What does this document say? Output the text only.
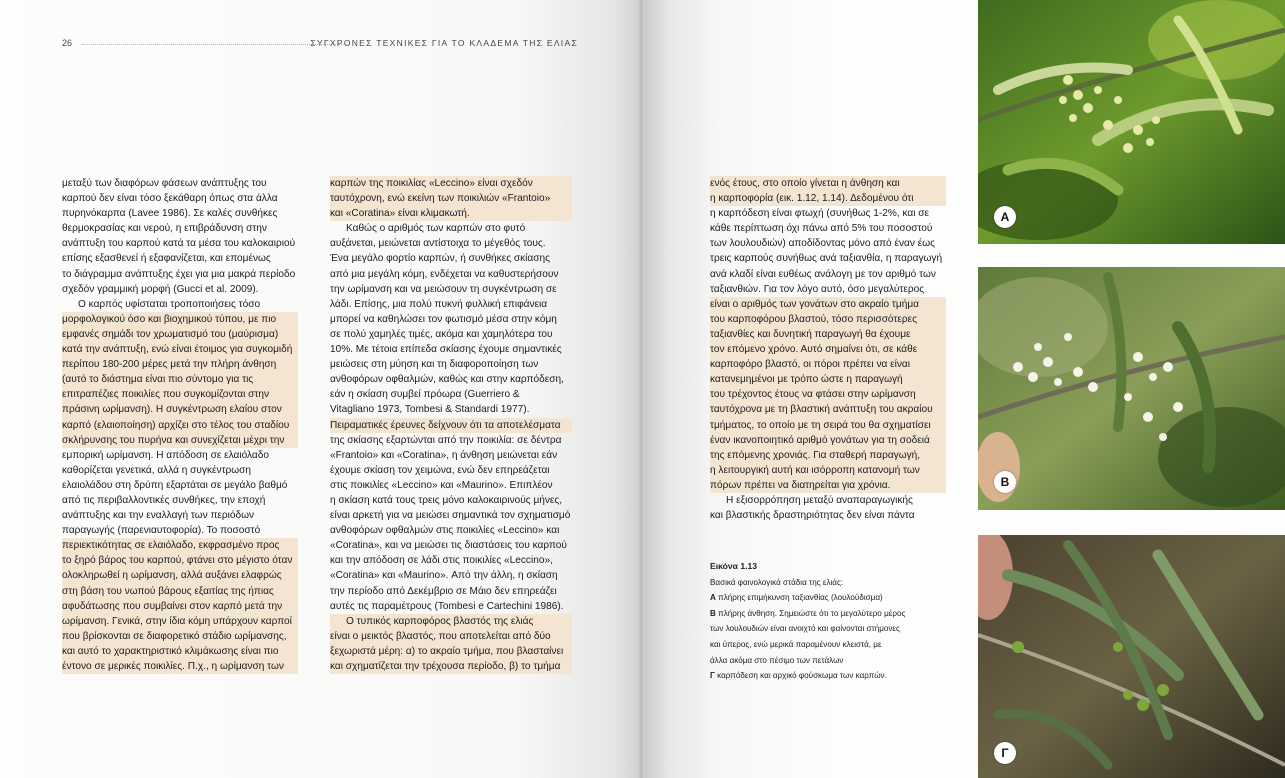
26	ΣΥΓΧΡΟΝΕΣ ΤΕΧΝΙΚΕΣ ΓΙΑ ΤΟ ΚΛΑΔΕΜΑ ΤΗΣ ΕΛΙΑΣ
μεταξύ των διαφόρων φάσεων ανάπτυξης του
καρπού δεν είναι τόσο ξεκάθαρη όπως στα άλλα
πυρηνόκαρπα (Lavee 1986). Σε καλές συνθήκες
θερμοκρασίας και νερού, η επιβράδυνση στην
ανάπτυξη του καρπού κατά τα μέσα του καλοκαιριού
επίσης εξασθενεί ή εξαφανίζεται, και επομένως
το διάγραμμα ανάπτυξης έχει για μια μακρά περίοδο
σχεδόν γραμμική μορφή (Gucci et al. 2009).
Ο καρπός υφίσταται τροποποιήσεις τόσο
μορφολογικού όσο και βιοχημικού τύπου, με πιο
εμφανές σημάδι τον χρωματισμό του (μαύρισμα)
κατά την ανάπτυξη, ενώ είναι έτοιμος για συγκομιδή
περίπου 180-200 μέρες μετά την πλήρη άνθηση
(αυτό το διάστημα είναι πιο σύντομο για τις
επιτραπέζιες ποικιλίες που συγκομίζονται στην
πράσινη ωρίμανση). Η συγκέντρωση ελαίου στον
καρπό (ελαιοποίηση) αρχίζει στο τέλος του σταδίου
σκλήρυνσης του πυρήνα και συνεχίζεται μέχρι την
εμπορική ωρίμανση. Η απόδοση σε ελαιόλαδο
καθορίζεται γενετικά, αλλά η συγκέντρωση
ελαιολάδου στη δρύπη εξαρτάται σε μεγάλο βαθμό
από τις περιβαλλοντικές συνθήκες, την εποχή
ανάπτυξης και την εναλλαγή των περιόδων
παραγωγής (παρενιαυτοφορία). Το ποσοστό
περιεκτικότητας σε ελαιόλαδο, εκφρασμένο προς
το ξηρό βάρος του καρπού, φτάνει στο μέγιστο όταν
ολοκληρωθεί η ωρίμανση, αλλά αυξάνει ελαφρώς
στη βάση του νωπού βάρους εξαιτίας της ήπιας
αφυδάτωσης που συμβαίνει στον καρπό μετά την
ωρίμανση. Γενικά, στην ίδια κόμη υπάρχουν καρποί
που βρίσκονται σε διαφορετικό στάδιο ωρίμανσης,
και αυτό το χαρακτηριστικό κλιμάκωσης είναι πιο
έντονο σε μερικές ποικιλίες. Π.χ., η ωρίμανση των
καρπών της ποικιλίας «Leccino» είναι σχεδόν
ταυτόχρονη, ενώ εκείνη των ποικιλιών «Frantoio»
και «Coratina» είναι κλιμακωτή.
Καθώς ο αριθμός των καρπών στο φυτό
αυξάνεται, μειώνεται αντίστοιχα το μέγεθός τους.
Ένα μεγάλο φορτίο καρπών, ή συνθήκες σκίασης
από μια μεγάλη κόμη, ενδέχεται να καθυστερήσουν
την ωρίμανση και να μειώσουν τη συγκέντρωση σε
λάδι. Επίσης, μια πολύ πυκνή φυλλική επιφάνεια
μπορεί να καθηλώσει τον φωτισμό μέσα στην κόμη
σε πολύ χαμηλές τιμές, ακόμα και χαμηλότερα του
10%. Με τέτοια επίπεδα σκίασης έχουμε σημαντικές
μειώσεις στη μύηση και τη διαφοροποίηση των
ανθοφόρων οφθαλμών, καθώς και στην καρπόδεση,
εάν η σκίαση συμβεί πρόωρα (Guerriero &
Vitagliano 1973, Tombesi & Standardi 1977).
Πειραματικές έρευνες δείχνουν ότι τα αποτελέσματα
της σκίασης εξαρτώνται από την ποικιλία: σε δέντρα
«Frantoio» και «Coratina», η άνθηση μειώνεται εάν
έχουμε σκίαση τον χειμώνα, ενώ δεν επηρεάζεται
στις ποικιλίες «Leccino» και «Maurino». Επιπλέον
η σκίαση κατά τους τρεις μόνο καλοκαιρινούς μήνες,
είναι αρκετή για να μειώσει σημαντικά τον σχηματισμό
ανθοφόρων οφθαλμών στις ποικιλίες «Leccino» και
«Coratina», και να μειώσει τις διαστάσεις του καρπού
και την απόδοση σε λάδι στις ποικιλίες «Leccino»,
«Coratina» και «Maurino». Από την άλλη, η σκίαση
την περίοδο από Δεκέμβριο σε Μάιο δεν επηρεάζει
αυτές τις παραμέτρους (Tombesi e Cartechini 1986).
Ο τυπικός καρποφόρος βλαστός της ελιάς
είναι ο μεικτός βλαστός, που αποτελείται από δύο
ξεχωριστά μέρη: α) το ακραίο τμήμα, που βλασταίνει
και σχηματίζεται την τρέχουσα περίοδο, β) το τμήμα
ενός έτους, στο οποίο γίνεται η άνθηση και
η καρποφορία (εικ. 1.12, 1.14). Δεδομένου ότι
η καρπόδεση είναι φτωχή (συνήθως 1-2%, και σε
κάθε περίπτωση όχι πάνω από 5% του ποσοστού
των λουλουδιών) αποδίδοντας μόνο από έναν έως
τρεις καρπούς συνήθως ανά ταξιανθία, η παραγωγή
ανά κλαδί είναι ευθέως ανάλογη με τον αριθμό των
ταξιανθιών. Για τον λόγο αυτό, όσο μεγαλύτερος
είναι ο αριθμός των γονάτων στο ακραίο τμήμα
του καρποφόρου βλαστού, τόσο περισσότερες
ταξιανθίες και δυνητική παραγωγή θα έχουμε
τον επόμενο χρόνο. Αυτό σημαίνει ότι, σε κάθε
καρποφόρο βλαστό, οι πόροι πρέπει να είναι
κατανεμημένοι με τρόπο ώστε η παραγωγή
του τρέχοντος έτους να φτάσει στην ωρίμανση
ταυτόχρονα με τη βλαστική ανάπτυξη του ακραίου
τμήματος, το οποίο με τη σειρά του θα σχηματίσει
έναν ικανοποιητικό αριθμό γονάτων για τη σοδειά
της επόμενης χρονιάς. Για σταθερή παραγωγή,
η λειτουργική αυτή και ισόρροπη κατανομή των
πόρων πρέπει να διατηρείται για χρόνια.
Η εξισορρόπηση μεταξύ αναπαραγωγικής
και βλαστικής δραστηριότητας δεν είναι πάντα
Εικόνα 1.13
Βασικά φαινολογικά στάδια της ελιάς:
Α πλήρης επιμήκυνση ταξιανθίας (λουλούδισμα)
Β πλήρης άνθηση. Σημειώστε ότι το μεγαλύτερο μέρος
των λουλουδιών είναι ανοιχτό και φαίνονται στήμονες
και ύπερος, ενώ μερικά παραμένουν κλειστά, με
άλλα ακόμα στο πέσιμο των πετάλων
Γ καρπόδεση και αρχικό φούσκωμα των καρπών.
Α
Β
Γ
